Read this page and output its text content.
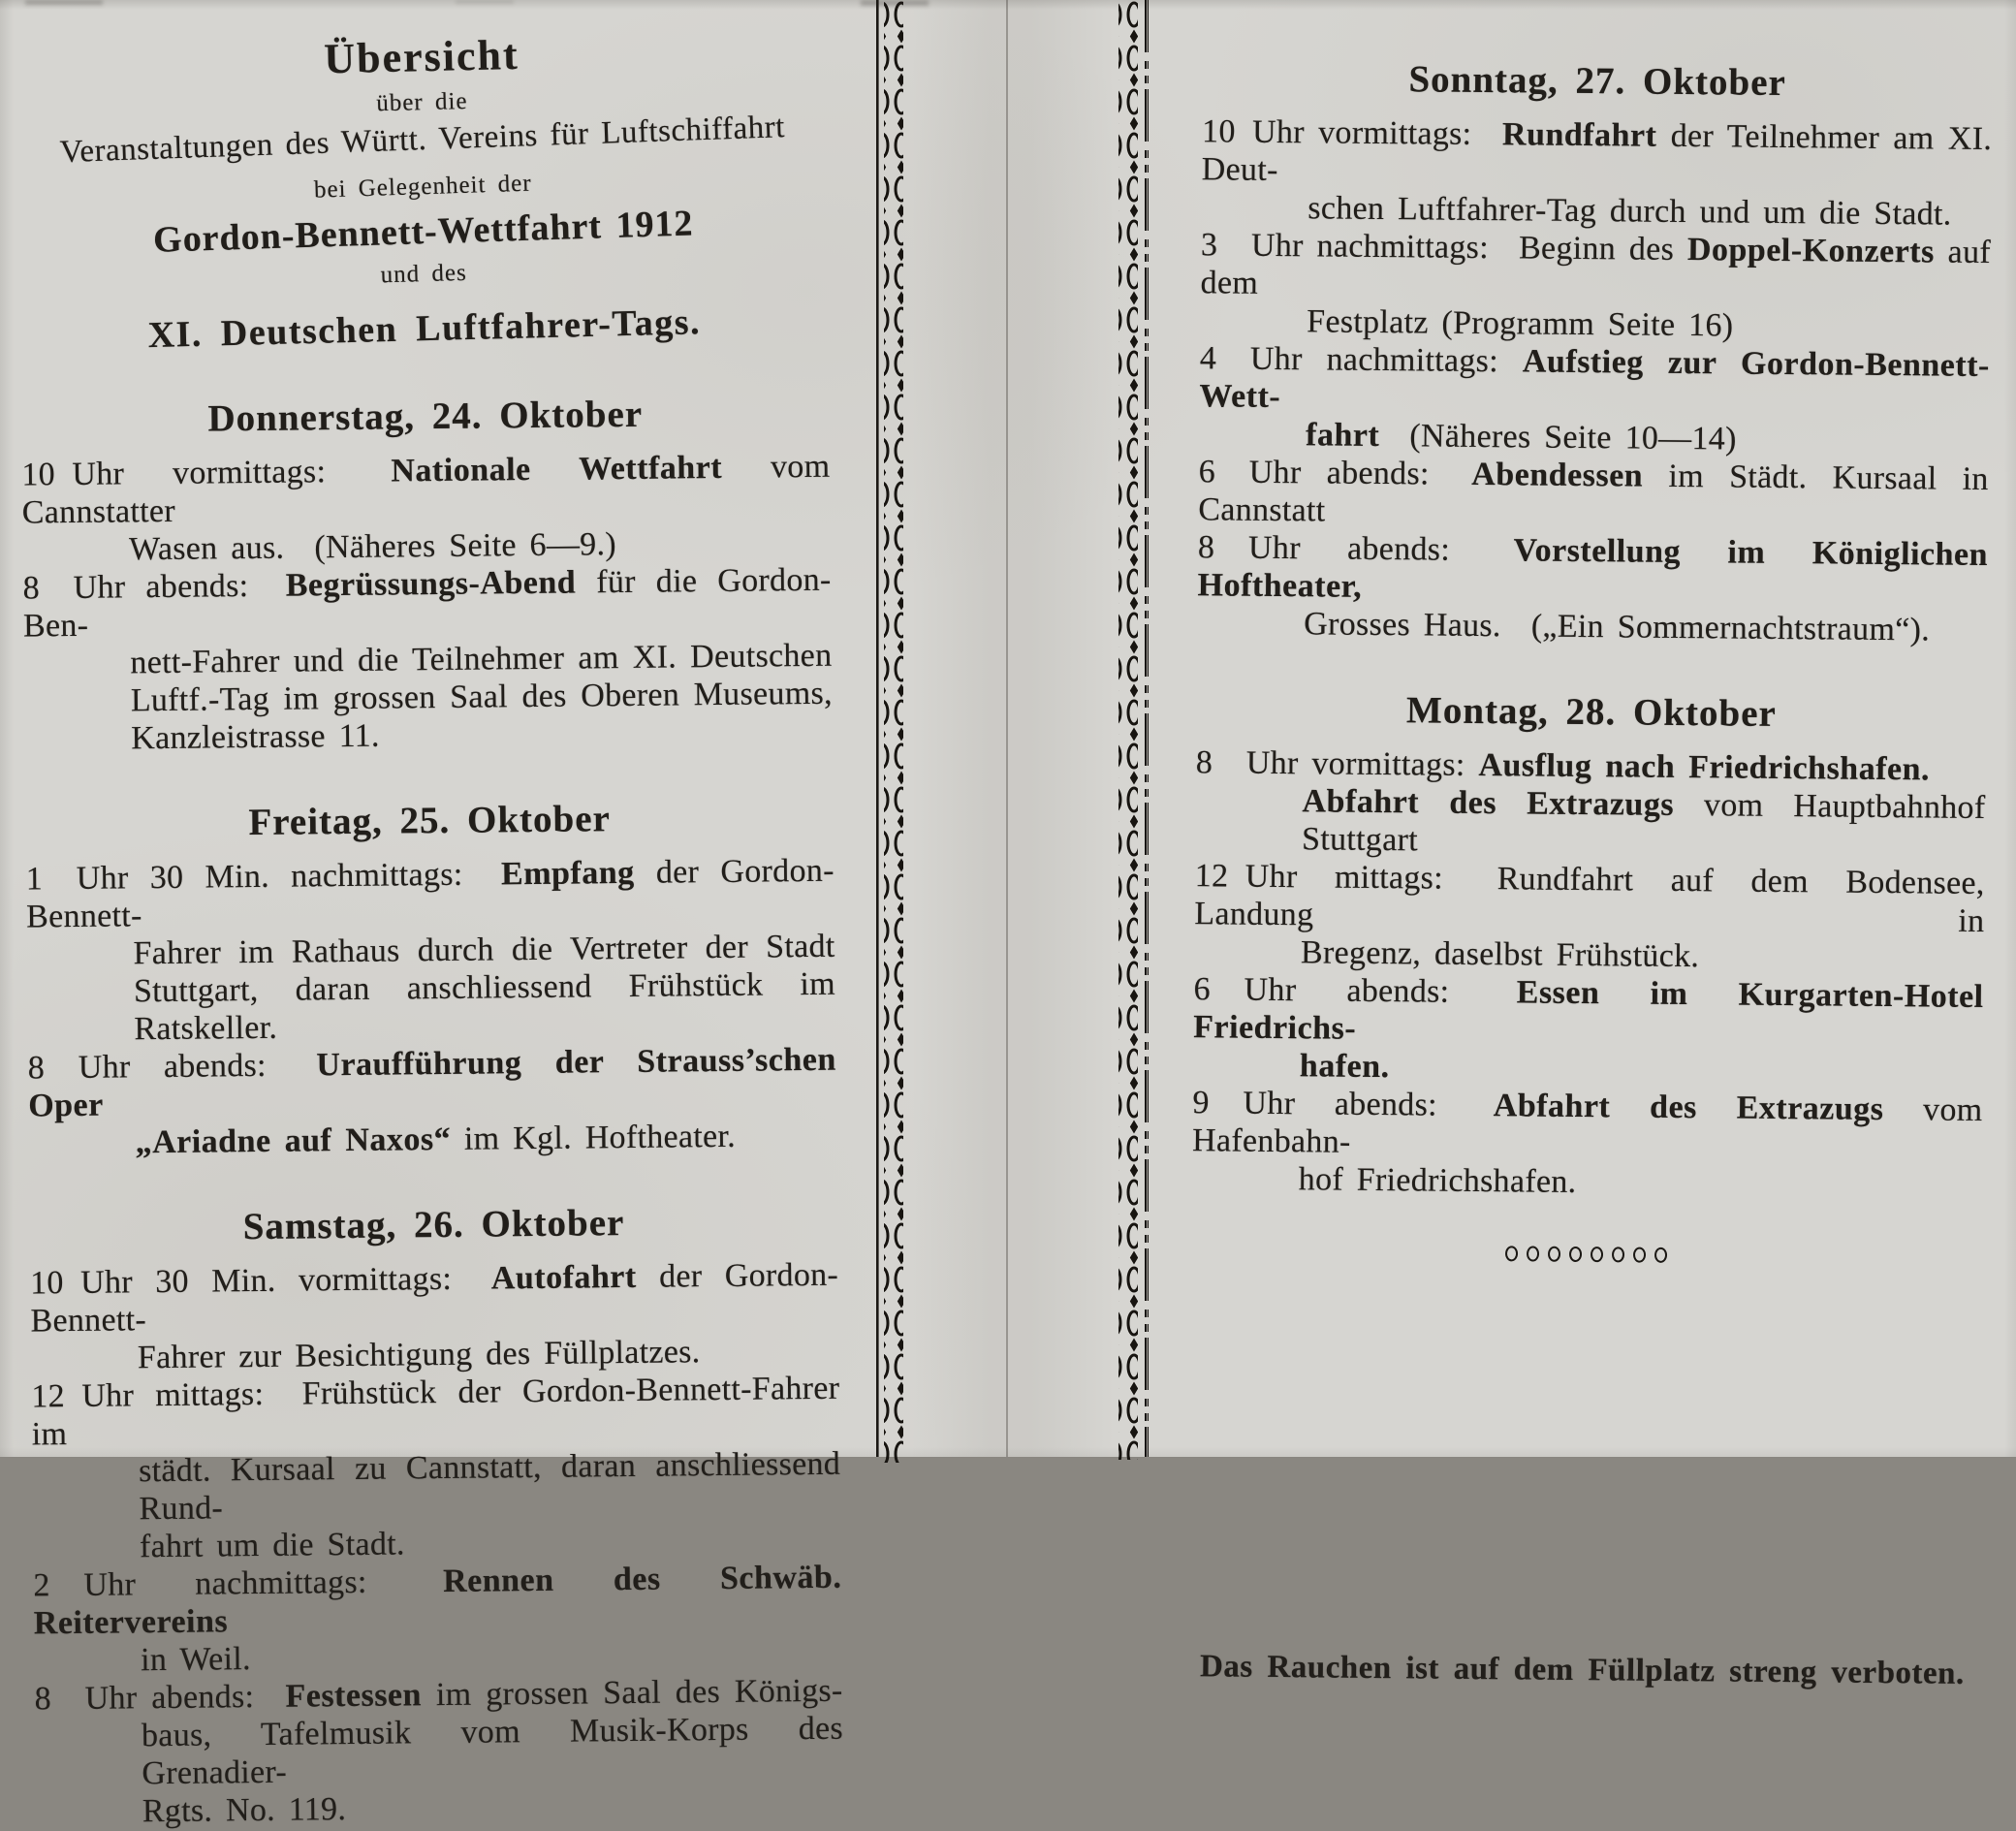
Übersicht
über die
Veranstaltungen des Württ. Vereins für Luftschiffahrt
bei Gelegenheit der
Gordon-Bennett-Wettfahrt 1912
und des
XI. Deutschen Luftfahrer-Tags.
Donnerstag, 24. Oktober
10 Uhr vormittags:  Nationale Wettfahrt vom Cannstatter
Wasen aus.  (Näheres Seite 6—9.)
8 Uhr abends:  Begrüssungs-Abend für die Gordon-Ben-
nett-Fahrer und die Teilnehmer am XI. Deutschen
Luftf.-Tag im grossen Saal des Oberen Museums,
Kanzleistrasse 11.
Freitag, 25. Oktober
1 Uhr 30 Min. nachmittags:  Empfang der Gordon-Bennett-
Fahrer im Rathaus durch die Vertreter der Stadt
Stuttgart, daran anschliessend Frühstück im Ratskeller.
8 Uhr abends:  Uraufführung der Strauss’schen Oper
„Ariadne auf Naxos“ im Kgl. Hoftheater.
Samstag, 26. Oktober
10 Uhr 30 Min. vormittags:  Autofahrt der Gordon-Bennett-
Fahrer zur Besichtigung des Füllplatzes.
12 Uhr mittags:  Frühstück der Gordon-Bennett-Fahrer im
städt. Kursaal zu Cannstatt, daran anschliessend Rund-
fahrt um die Stadt.
2 Uhr nachmittags:  Rennen des Schwäb. Reitervereins
in Weil.
8 Uhr abends:  Festessen im grossen Saal des Königs-
baus, Tafelmusik vom Musik-Korps des Grenadier-
Rgts. No. 119.
Sonntag, 27. Oktober
10 Uhr vormittags:  Rundfahrt der Teilnehmer am XI. Deut-
schen Luftfahrer-Tag durch und um die Stadt.
3 Uhr nachmittags:  Beginn des Doppel-Konzerts auf dem
Festplatz (Programm Seite 16)
4 Uhr nachmittags: Aufstieg zur Gordon-Bennett-Wett-
fahrt  (Näheres Seite 10—14)
6 Uhr abends:  Abendessen im Städt. Kursaal in Cannstatt
8 Uhr abends:  Vorstellung im Königlichen Hoftheater,
Grosses Haus.  („Ein Sommernachtstraum“).
Montag, 28. Oktober
8 Uhr vormittags: Ausflug nach Friedrichshafen.
Abfahrt des Extrazugs vom Hauptbahnhof Stuttgart
12 Uhr mittags:  Rundfahrt auf dem Bodensee, Landung in
Bregenz, daselbst Frühstück.
6 Uhr abends:  Essen im Kurgarten-Hotel Friedrichs-
hafen.
9 Uhr abends:  Abfahrt des Extrazugs vom Hafenbahn-
hof Friedrichshafen.
Das Rauchen ist auf dem Füllplatz streng verboten.
